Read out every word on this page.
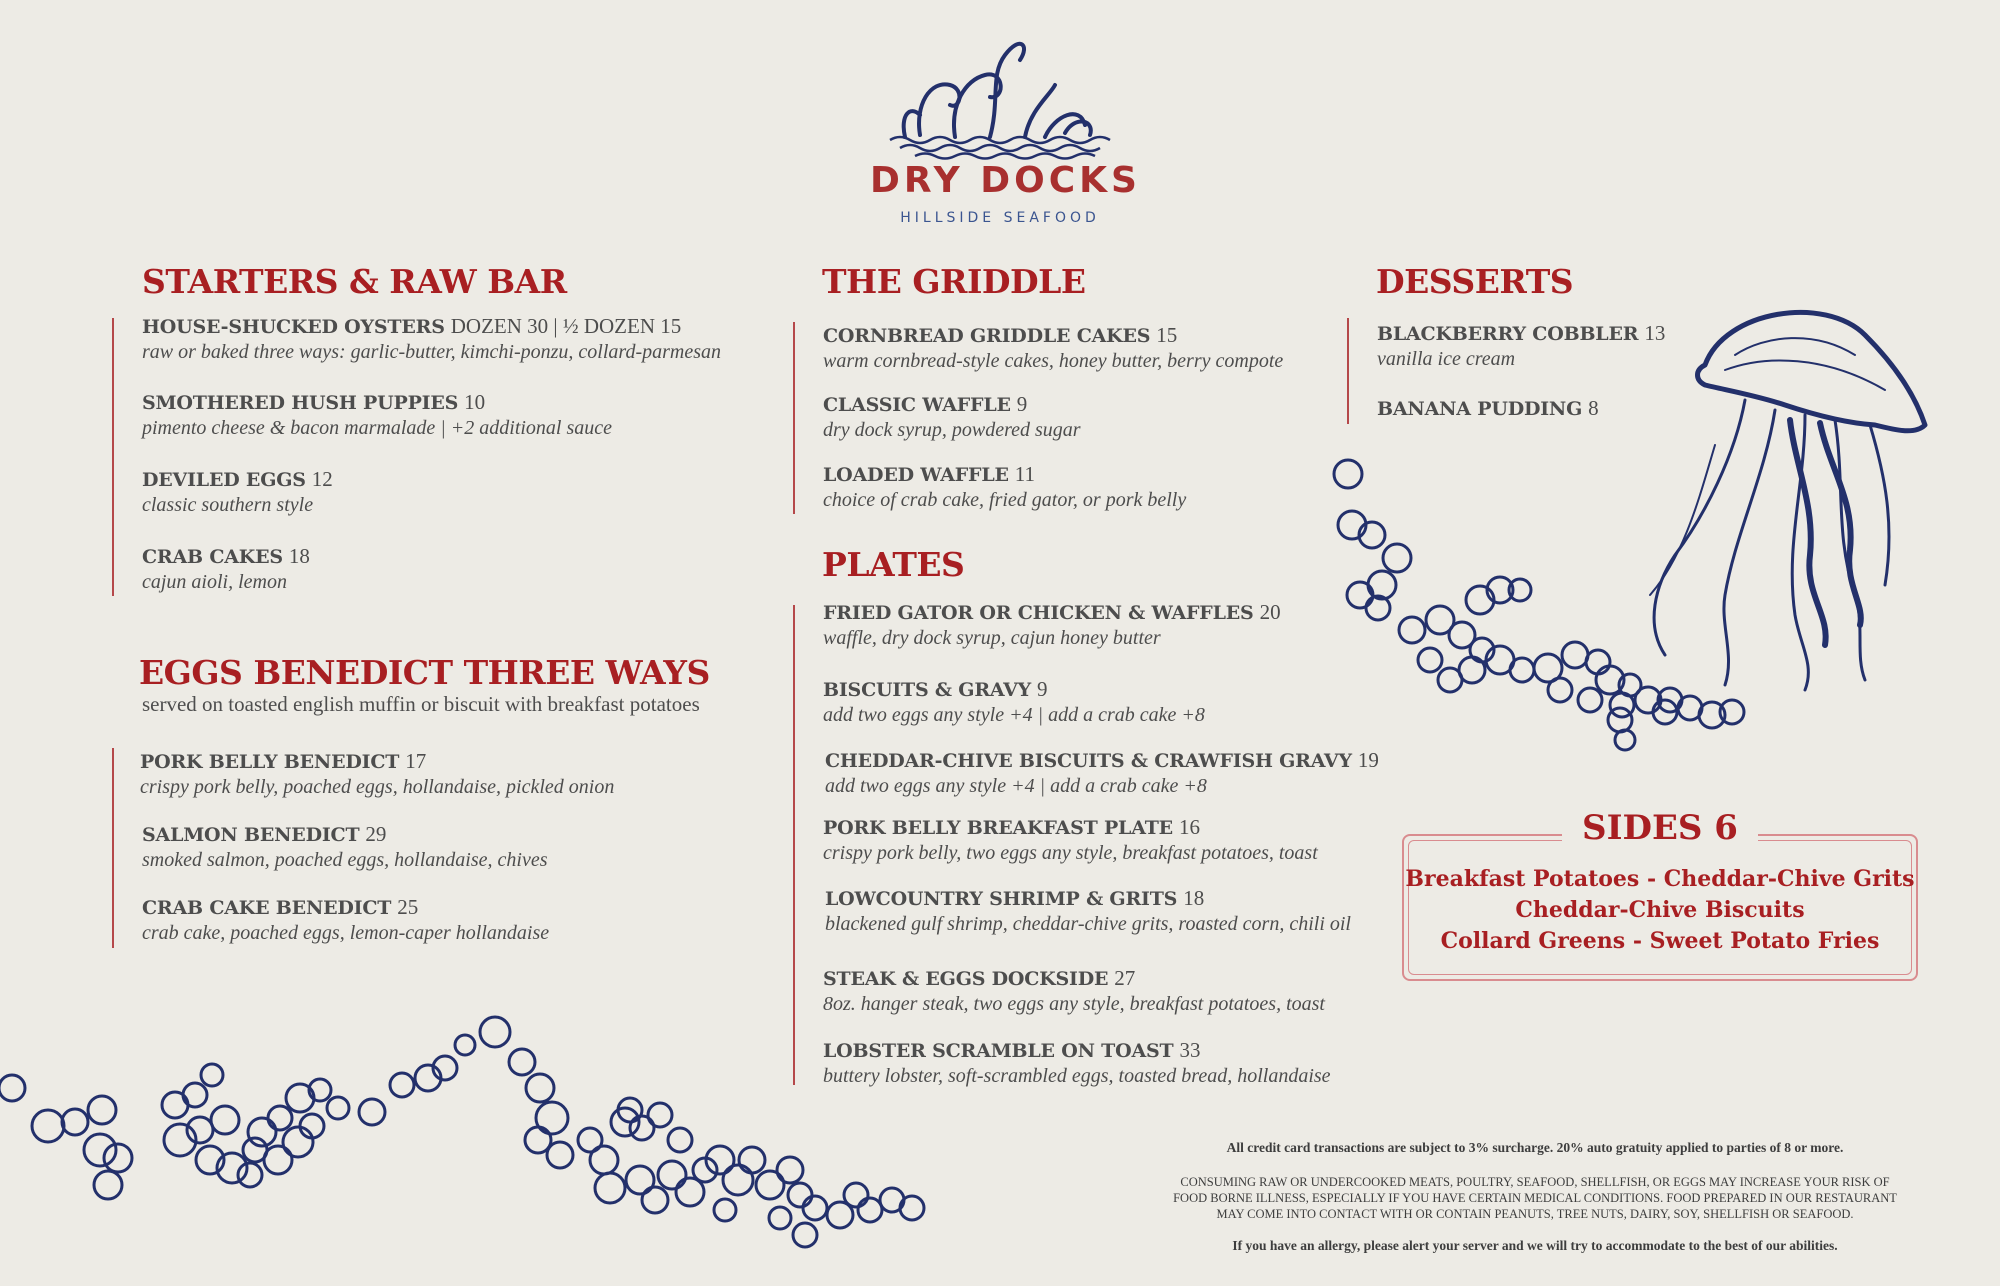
DRY DOCKS
HILLSIDE SEAFOOD
STARTERS & RAW BAR
HOUSE-SHUCKED OYSTERS DOZEN 30 | ½ DOZEN 15
raw or baked three ways: garlic-butter, kimchi-ponzu, collard-parmesan
SMOTHERED HUSH PUPPIES 10
pimento cheese & bacon marmalade | +2 additional sauce
DEVILED EGGS 12
classic southern style
CRAB CAKES 18
cajun aioli, lemon
EGGS BENEDICT THREE WAYS
served on toasted english muffin or biscuit with breakfast potatoes
PORK BELLY BENEDICT 17
crispy pork belly, poached eggs, hollandaise, pickled onion
SALMON BENEDICT 29
smoked salmon, poached eggs, hollandaise, chives
CRAB CAKE BENEDICT 25
crab cake, poached eggs, lemon-caper hollandaise
THE GRIDDLE
CORNBREAD GRIDDLE CAKES 15
warm cornbread-style cakes, honey butter, berry compote
CLASSIC WAFFLE 9
dry dock syrup, powdered sugar
LOADED WAFFLE 11
choice of crab cake, fried gator, or pork belly
PLATES
FRIED GATOR OR CHICKEN & WAFFLES 20
waffle, dry dock syrup, cajun honey butter
BISCUITS & GRAVY 9
add two eggs any style +4 | add a crab cake +8
CHEDDAR-CHIVE BISCUITS & CRAWFISH GRAVY 19
add two eggs any style +4 | add a crab cake +8
PORK BELLY BREAKFAST PLATE 16
crispy pork belly, two eggs any style, breakfast potatoes, toast
LOWCOUNTRY SHRIMP & GRITS 18
blackened gulf shrimp, cheddar-chive grits, roasted corn, chili oil
STEAK & EGGS DOCKSIDE 27
8oz. hanger steak, two eggs any style, breakfast potatoes, toast
LOBSTER SCRAMBLE ON TOAST 33
buttery lobster, soft-scrambled eggs, toasted bread, hollandaise
DESSERTS
BLACKBERRY COBBLER 13
vanilla ice cream
BANANA PUDDING 8
SIDES 6
Breakfast Potatoes - Cheddar-Chive Grits
Cheddar-Chive Biscuits
Collard Greens - Sweet Potato Fries
All credit card transactions are subject to 3% surcharge. 20% auto gratuity applied to parties of 8 or more.
CONSUMING RAW OR UNDERCOOKED MEATS, POULTRY, SEAFOOD, SHELLFISH, OR EGGS MAY INCREASE YOUR RISK OF
FOOD BORNE ILLNESS, ESPECIALLY IF YOU HAVE CERTAIN MEDICAL CONDITIONS. FOOD PREPARED IN OUR RESTAURANT
MAY COME INTO CONTACT WITH OR CONTAIN PEANUTS, TREE NUTS, DAIRY, SOY, SHELLFISH OR SEAFOOD.
If you have an allergy, please alert your server and we will try to accommodate to the best of our abilities.
